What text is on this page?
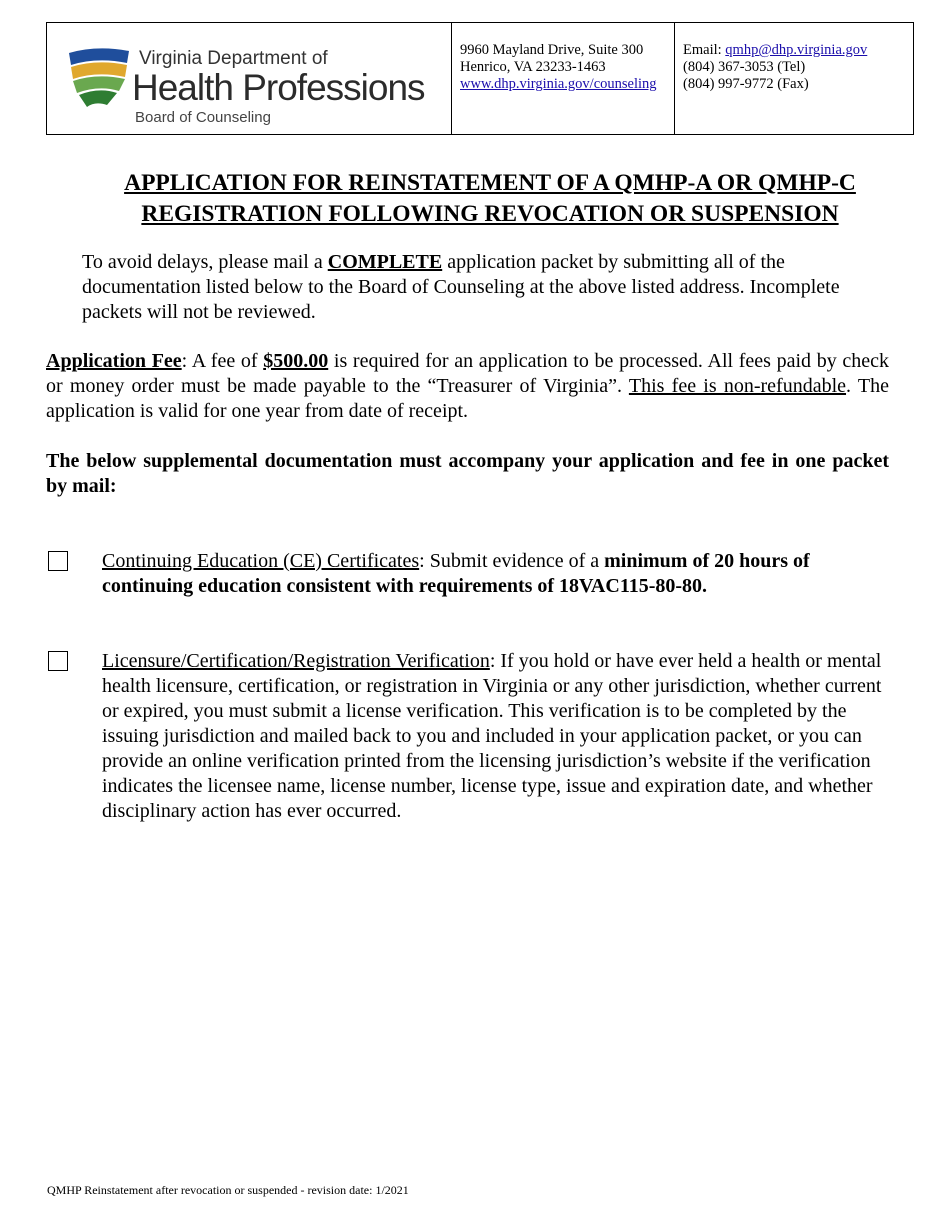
Virginia Department of
Health Professions
Board of Counseling
9960 Mayland Drive, Suite 300
Henrico, VA 23233-1463
www.dhp.virginia.gov/counseling
Email: qmhp@dhp.virginia.gov
(804) 367-3053 (Tel)
(804) 997-9772 (Fax)
APPLICATION FOR REINSTATEMENT OF A QMHP-A OR QMHP-C
REGISTRATION FOLLOWING REVOCATION OR SUSPENSION
To avoid delays, please mail a COMPLETE application packet by submitting all of the documentation listed below to the Board of Counseling at the above listed address. Incomplete packets will not be reviewed.
Application Fee: A fee of $500.00 is required for an application to be processed. All fees paid by check or money order must be made payable to the “Treasurer of Virginia”. This fee is non-refundable. The application is valid for one year from date of receipt.
The below supplemental documentation must accompany your application and fee in one packet by mail:
Continuing Education (CE) Certificates: Submit evidence of a minimum of 20 hours of continuing education consistent with requirements of 18VAC115-80-80.
Licensure/Certification/Registration Verification: If you hold or have ever held a health or mental health licensure, certification, or registration in Virginia or any other jurisdiction, whether current or expired, you must submit a license verification. This verification is to be completed by the issuing jurisdiction and mailed back to you and included in your application packet, or you can provide an online verification printed from the licensing jurisdiction’s website if the verification indicates the licensee name, license number, license type, issue and expiration date, and whether disciplinary action has ever occurred.
QMHP Reinstatement after revocation or suspended - revision date: 1/2021
